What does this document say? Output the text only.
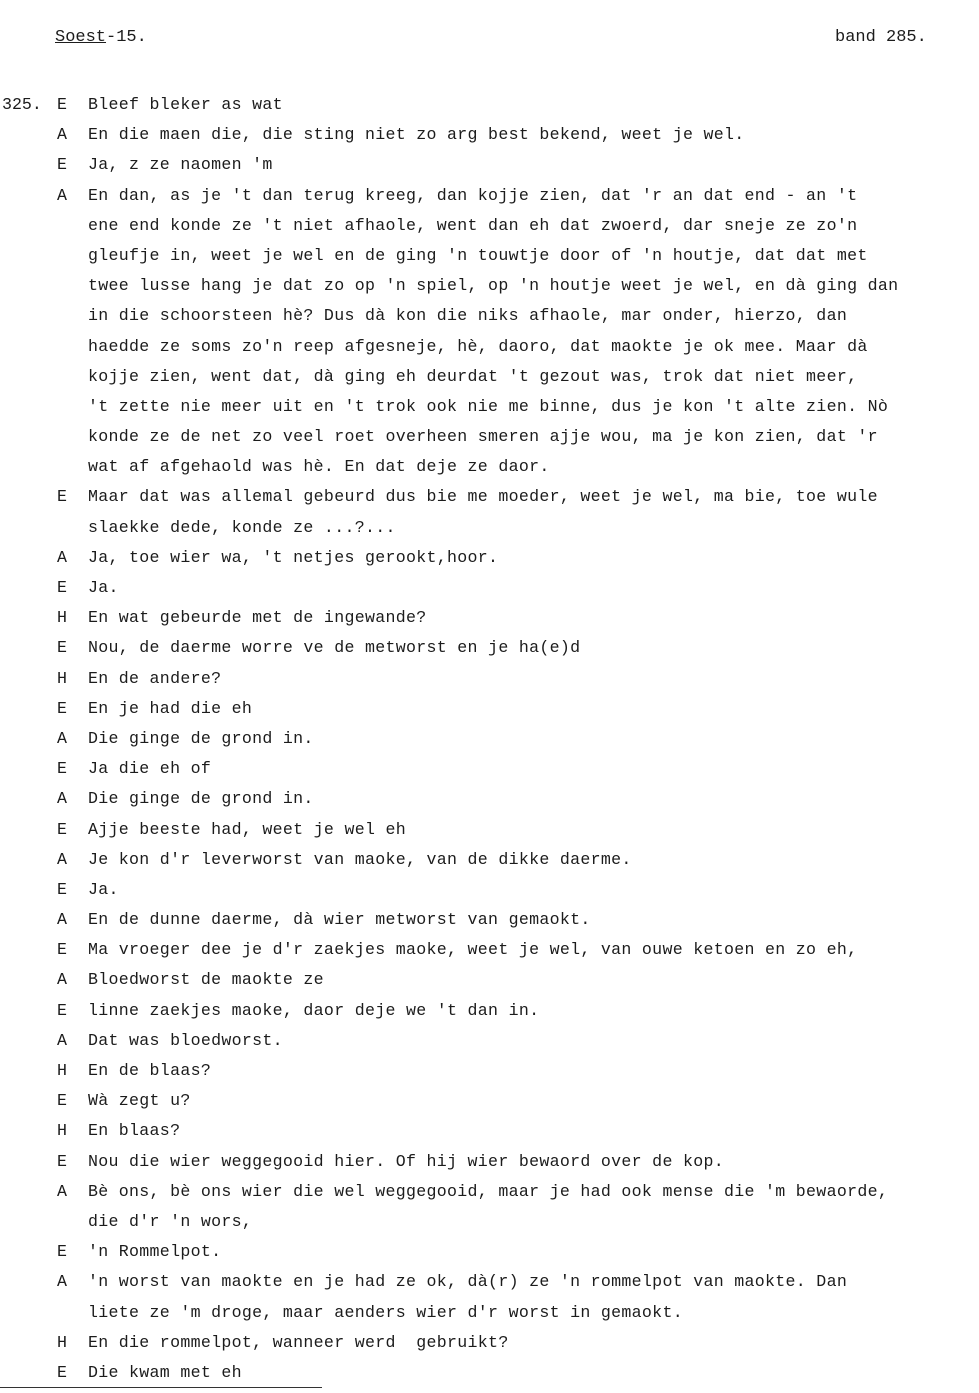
Soest-15.	band 285.
325. E Bleef bleker as wat
A En die maen die, die sting niet zo arg best bekend, weet je wel.
E Ja, z ze naomen 'm
A En dan, as je 't dan terug kreeg, dan kojje zien, dat 'r an dat end - an 't
ene end konde ze 't niet afhaole, went dan eh dat zwoerd, dar sneje ze zo'n
gleufje in, weet je wel en de ging 'n touwtje door of 'n houtje, dat dat met
twee lusse hang je dat zo op 'n spiel, op 'n houtje weet je wel, en dà ging dan
in die schoorsteen hè? Dus dà kon die niks afhaole, mar onder, hierzo, dan
haedde ze soms zo'n reep afgesneje, hè, daoro, dat maokte je ok mee. Maar dà
kojje zien, went dat, dà ging eh deurdat 't gezout was, trok dat niet meer,
't zette nie meer uit en 't trok ook nie me binne, dus je kon 't alte zien. Nò
konde ze de net zo veel roet overheen smeren ajje wou, ma je kon zien, dat 'r
wat af afgehaold was hè. En dat deje ze daor.
E Maar dat was allemal gebeurd dus bie me moeder, weet je wel, ma bie, toe wule
slaekke dede, konde ze ...?...
A Ja, toe wier wa, 't netjes gerookt,hoor.
E Ja.
H En wat gebeurde met de ingewande?
E Nou, de daerme worre ve de metworst en je ha(e)d
H En de andere?
E En je had die eh
A Die ginge de grond in.
E Ja die eh of
A Die ginge de grond in.
E Ajje beeste had, weet je wel eh
A Je kon d'r leverworst van maoke, van de dikke daerme.
E Ja.
A En de dunne daerme, dà wier metworst van gemaokt.
E Ma vroeger dee je d'r zaekjes maoke, weet je wel, van ouwe ketoen en zo eh,
A Bloedworst de maokte ze
E linne zaekjes maoke, daor deje we 't dan in.
A Dat was bloedworst.
H En de blaas?
E Wà zegt u?
H En blaas?
E Nou die wier weggegooid hier. Of hij wier bewaord over de kop.
A Bè ons, bè ons wier die wel weggegooid, maar je had ook mense die 'm bewaorde,
die d'r 'n wors,
E 'n Rommelpot.
A 'n worst van maokte en je had ze ok, dà(r) ze 'n rommelpot van maokte. Dan
liete ze 'm droge, maar aenders wier d'r worst in gemaokt.
H En die rommelpot, wanneer werd  gebruikt?
E Die kwam met eh
